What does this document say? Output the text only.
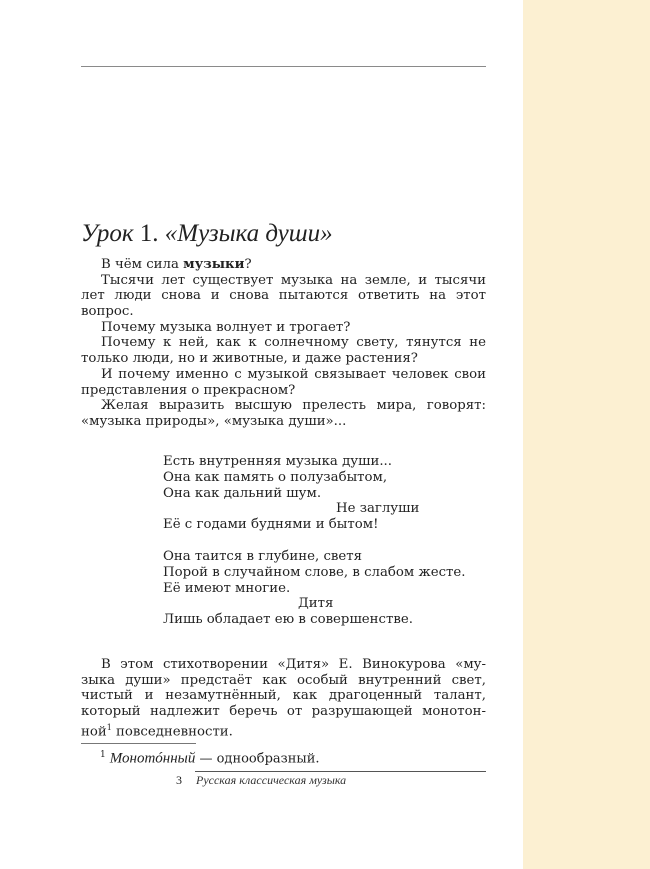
Урок 1. «Музыка души»
В чём сила музыки?
Тысячи лет существует музыка на земле, и тысячи
лет люди снова и снова пытаются ответить на этот
вопрос.
Почему музыка волнует и трогает?
Почему к ней, как к солнечному свету, тянутся не
только люди, но и животные, и даже растения?
И почему именно с музыкой связывает человек свои
представления о прекрасном?
Желая выразить высшую прелесть мира, говорят:
«музыка природы», «музыка души»...
Есть внутренняя музыка души...
Она как память о полузабытом,
Она как дальний шум.
Не заглуши
Её с годами буднями и бытом!
Она таится в глубине, светя
Порой в случайном слове, в слабом жесте.
Её имеют многие.
Дитя
Лишь обладает ею в совершенстве.
В этом стихотворении «Дитя» Е. Винокурова «му-
зыка души» предстаёт как особый внутренний свет,
чистый и незамутнённый, как драгоценный талант,
который надлежит беречь от разрушающей монотон-
ной$^1$ повседневности.
$^1$ Монотóнный — однообразный.
3 Русская классическая музыка
